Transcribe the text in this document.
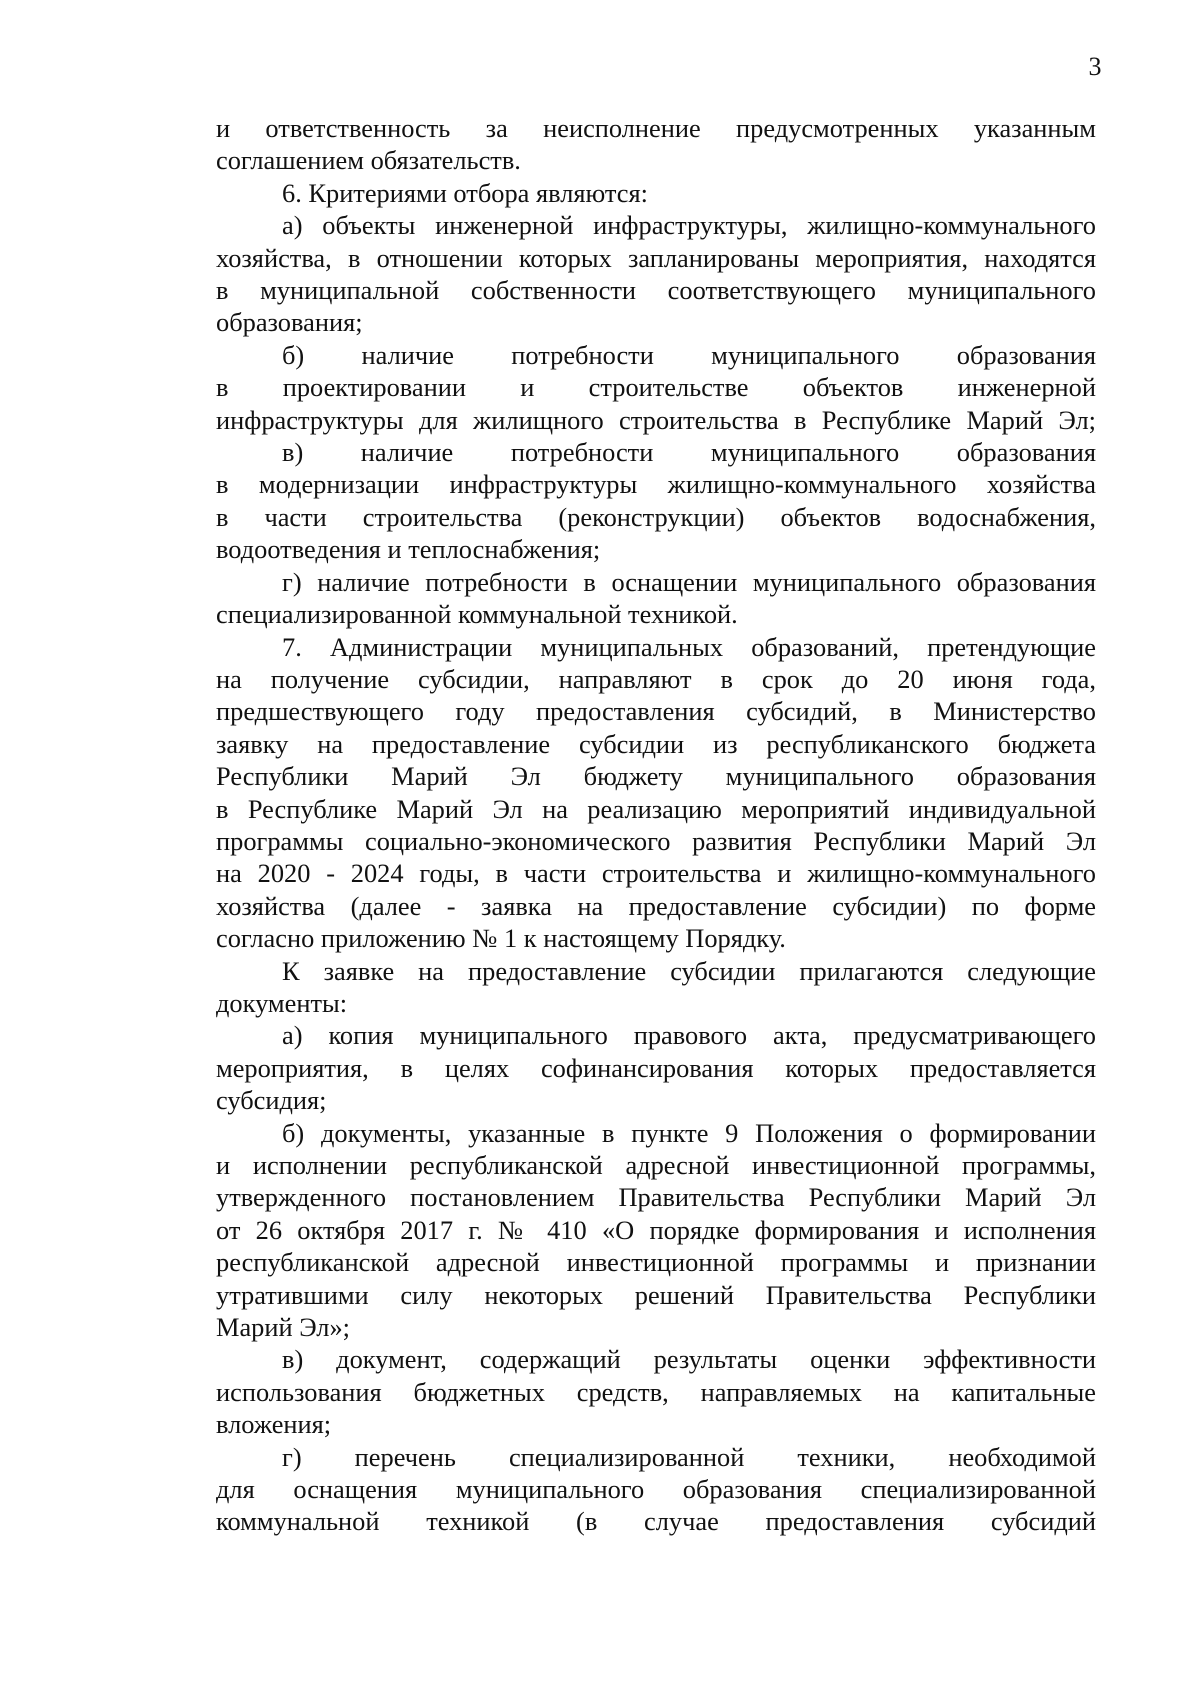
3
и ответственность за неисполнение предусмотренных указанным
соглашением обязательств.
6. Критериями отбора являются:
а) объекты инженерной инфраструктуры, жилищно-коммунального
хозяйства, в отношении которых запланированы мероприятия, находятся
в муниципальной собственности соответствующего муниципального
образования;
б) наличие потребности муниципального образования
в проектировании и строительстве объектов инженерной
инфраструктуры для жилищного строительства в Республике Марий Эл;
в) наличие потребности муниципального образования
в модернизации инфраструктуры жилищно-коммунального хозяйства
в части строительства (реконструкции) объектов водоснабжения,
водоотведения и теплоснабжения;
г) наличие потребности в оснащении муниципального образования
специализированной коммунальной техникой.
7. Администрации муниципальных образований, претендующие
на получение субсидии, направляют в срок до 20 июня года,
предшествующего году предоставления субсидий, в Министерство
заявку на предоставление субсидии из республиканского бюджета
Республики Марий Эл бюджету муниципального образования
в Республике Марий Эл на реализацию мероприятий индивидуальной
программы социально-экономического развития Республики Марий Эл
на 2020 - 2024 годы, в части строительства и жилищно-коммунального
хозяйства (далее - заявка на предоставление субсидии) по форме
согласно приложению № 1 к настоящему Порядку.
К заявке на предоставление субсидии прилагаются следующие
документы:
а) копия муниципального правового акта, предусматривающего
мероприятия, в целях софинансирования которых предоставляется
субсидия;
б) документы, указанные в пункте 9 Положения о формировании
и исполнении республиканской адресной инвестиционной программы,
утвержденного постановлением Правительства Республики Марий Эл
от 26 октября 2017 г. № 410 «О порядке формирования и исполнения
республиканской адресной инвестиционной программы и признании
утратившими силу некоторых решений Правительства Республики
Марий Эл»;
в) документ, содержащий результаты оценки эффективности
использования бюджетных средств, направляемых на капитальные
вложения;
г) перечень специализированной техники, необходимой
для оснащения муниципального образования специализированной
коммунальной техникой (в случае предоставления субсидий
